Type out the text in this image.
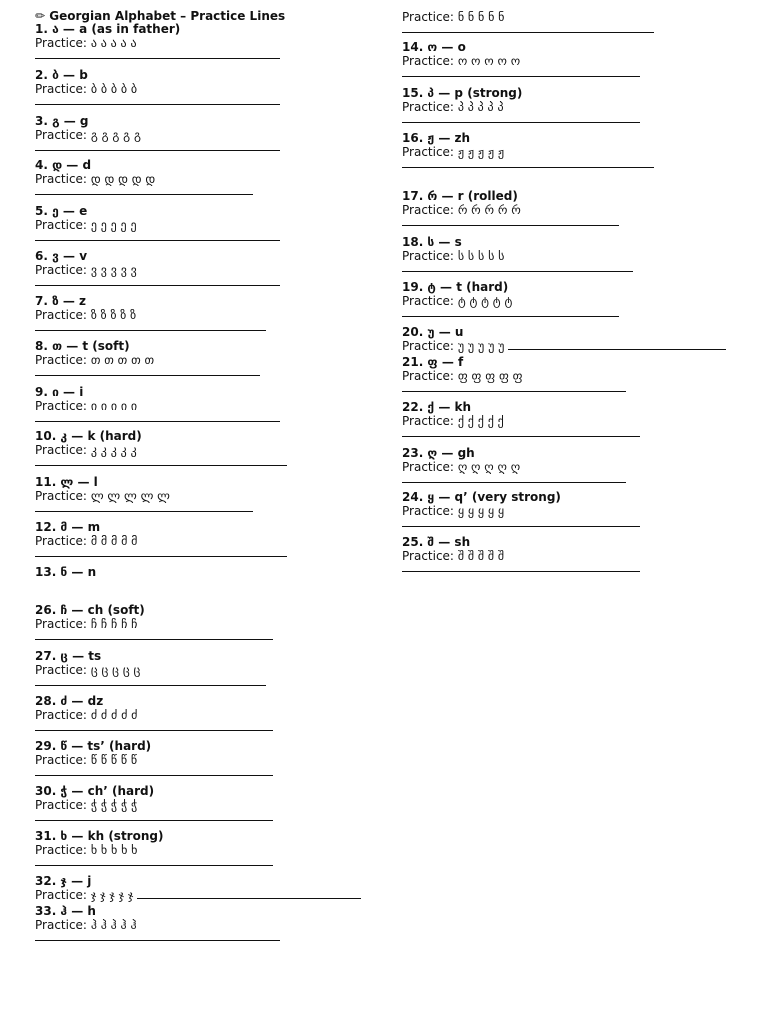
✏ Georgian Alphabet – Practice Lines
1. ა — a (as in father)
Practice: ა ა ა ა ა
2. ბ — b
Practice: ბ ბ ბ ბ ბ
3. გ — g
Practice: გ გ გ გ გ
4. დ — d
Practice: დ დ დ დ დ
5. ე — e
Practice: ე ე ე ე ე
6. ვ — v
Practice: ვ ვ ვ ვ ვ
7. ზ — z
Practice: ზ ზ ზ ზ ზ
8. თ — t (soft)
Practice: თ თ თ თ თ
9. ი — i
Practice: ი ი ი ი ი
10. კ — k (hard)
Practice: კ კ კ კ კ
11. ლ — l
Practice: ლ ლ ლ ლ ლ
12. მ — m
Practice: მ მ მ მ მ
13. ნ — n
26. ჩ — ch (soft)
Practice: ჩ ჩ ჩ ჩ ჩ
27. ც — ts
Practice: ც ც ც ც ც
28. ძ — dz
Practice: ძ ძ ძ ძ ძ
29. წ — ts’ (hard)
Practice: წ წ წ წ წ
30. ჭ — ch’ (hard)
Practice: ჭ ჭ ჭ ჭ ჭ
31. ხ — kh (strong)
Practice: ხ ხ ხ ხ ხ
32. ჯ — j
Practice: ჯ ჯ ჯ ჯ ჯ
33. ჰ — h
Practice: ჰ ჰ ჰ ჰ ჰ
Practice: ნ ნ ნ ნ ნ
14. ო — o
Practice: ო ო ო ო ო
15. პ — p (strong)
Practice: პ პ პ პ პ
16. ჟ — zh
Practice: ჟ ჟ ჟ ჟ ჟ
17. რ — r (rolled)
Practice: რ რ რ რ რ
18. ს — s
Practice: ს ს ს ს ს
19. ტ — t (hard)
Practice: ტ ტ ტ ტ ტ
20. უ — u
Practice: უ უ უ უ უ
21. ფ — f
Practice: ფ ფ ფ ფ ფ
22. ქ — kh
Practice: ქ ქ ქ ქ ქ
23. ღ — gh
Practice: ღ ღ ღ ღ ღ
24. ყ — q’ (very strong)
Practice: ყ ყ ყ ყ ყ
25. შ — sh
Practice: შ შ შ შ შ
